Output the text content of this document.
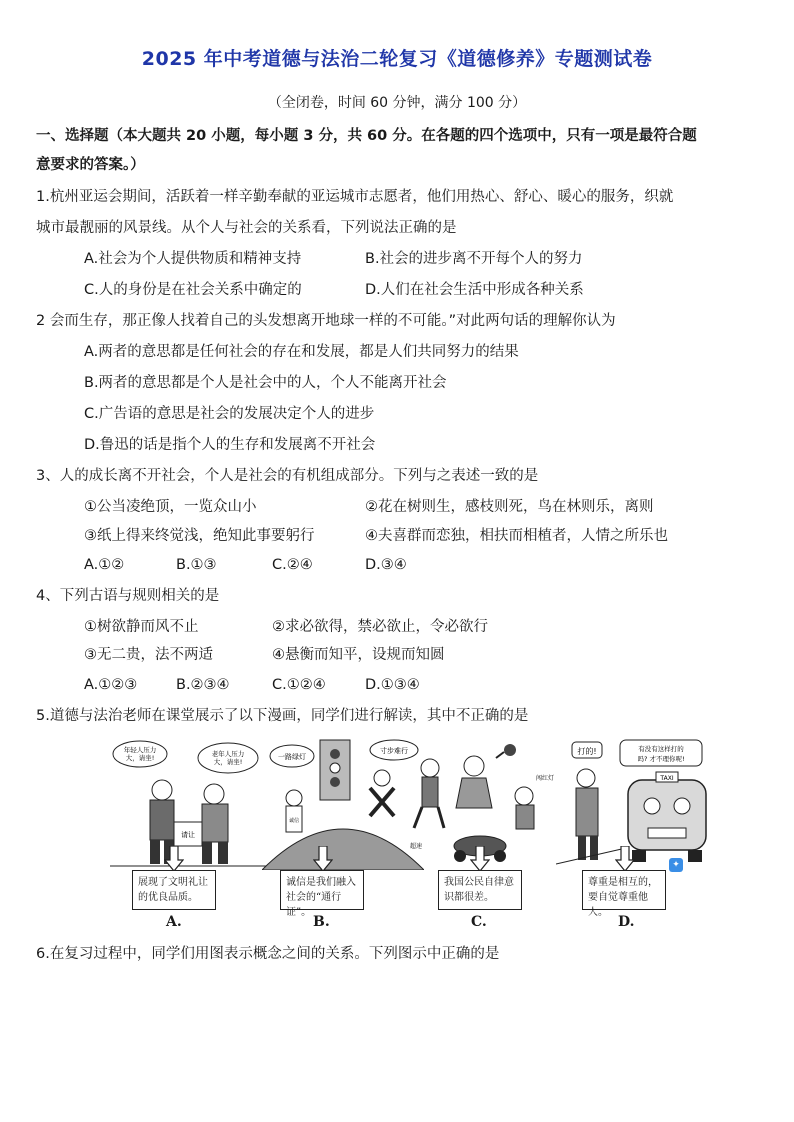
2025 年中考道德与法治二轮复习《道德修养》专题测试卷
（全闭卷，时间 60 分钟，满分 100 分）
一、选择题（本大题共 20 小题，每小题 3 分，共 60 分。在各题的四个选项中，只有一项是最符合题
意要求的答案。）
1.杭州亚运会期间，活跃着一样辛勤奉献的亚运城市志愿者，他们用热心、舒心、暖心的服务，织就
城市最靓丽的风景线。从个人与社会的关系看，下列说法正确的是
A.社会为个人提供物质和精神支持	B.社会的进步离不开每个人的努力
C.人的身份是在社会关系中确定的	D.人们在社会生活中形成各种关系
2 会而生存，那正像人找着自己的头发想离开地球一样的不可能。”对此两句话的理解你认为
A.两者的意思都是任何社会的存在和发展，都是人们共同努力的结果
B.两者的意思都是个人是社会中的人，个人不能离开社会
C.广告语的意思是社会的发展决定个人的进步
D.鲁迅的话是指个人的生存和发展离不开社会
3、人的成长离不开社会，个人是社会的有机组成部分。下列与之表述一致的是
①公当凌绝顶，一览众山小	②花在树则生，感枝则死，鸟在林则乐，离则
③纸上得来终觉浅，绝知此事要躬行	④夫喜群而恋独，相扶而相植者，人情之所乐也
A.①②	B.①③	C.②④	D.③④
4、下列古语与规则相关的是
①树欲静而风不止	②求必欲得，禁必欲止，令必欲行
③无二贵，法不两适	④悬衡而知平，设规而知圆
A.①②③	B.②③④	C.①②④	D.①③④
5.道德与法治老师在课堂展示了以下漫画，同学们进行解读，其中不正确的是
年轻人压力
大，请坐!	老年人压力
大，请坐!
请让
一路绿灯
寸步难行
诚信
闯红灯
超速
打的!	有没有这样打的
吗? 才不理你呢!
TAXI
✦
展现了文明礼让的优良品质。
诚信是我们融入社会的“通行证”。
我国公民自律意识都很差。
尊重是相互的，要自觉尊重他人。
A.	B.	C.	D.
6.在复习过程中，同学们用图表示概念之间的关系。下列图示中正确的是
